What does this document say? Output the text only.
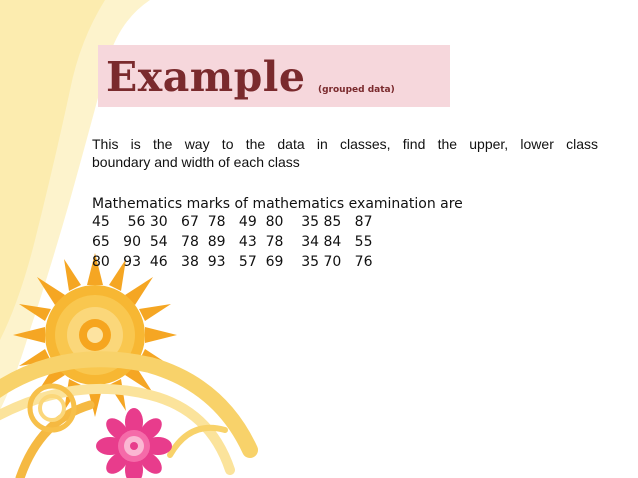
Example (grouped data)
This is the way to the data in classes, find the upper, lower class
boundary and width of each class
Mathematics marks of mathematics examination are
45    56 30   67  78   49  80    35 85   87
65   90  54   78  89   43  78    34 84   55
80   93  46   38  93   57  69    35 70   76
